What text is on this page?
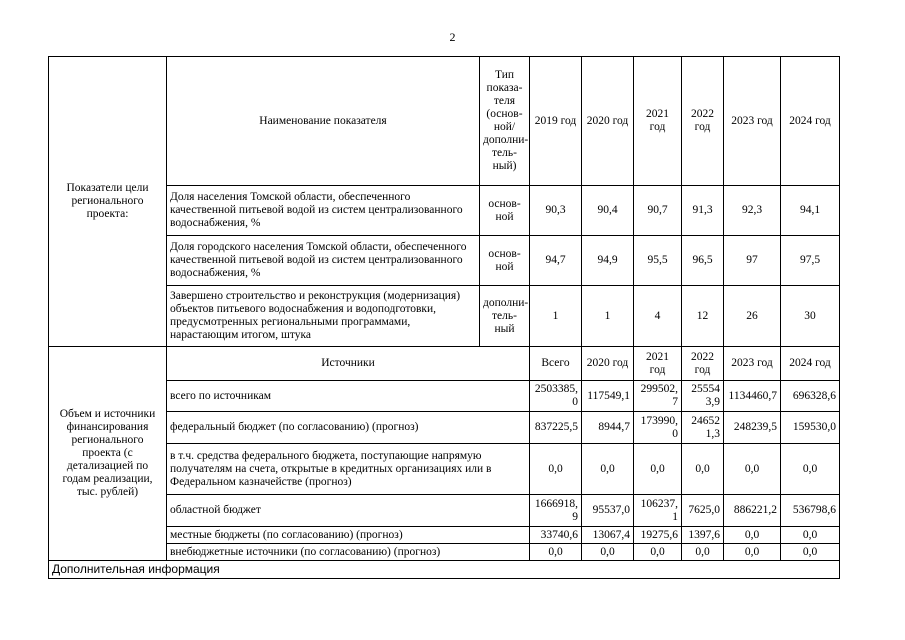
2
Показатели цели регионального проекта:	Наименование показателя	Тип показа-теля (основ-ной/ дополни-тель-ный)	2019 год	2020 год	2021 год	2022 год	2023 год	2024 год
	Доля населения Томской области, обеспеченного качественной питьевой водой из систем централизованного водоснабжения, %	основ-ной	90,3	90,4	90,7	91,3	92,3	94,1
	Доля городского населения Томской области, обеспеченного качественной питьевой водой из систем централизованного водоснабжения, %	основ-ной	94,7	94,9	95,5	96,5	97	97,5
	Завершено строительство и реконструкция (модернизация) объектов питьевого водоснабжения и водоподготовки, предусмотренных региональными программами, нарастающим итогом, штука	дополни-тель-ный	1	1	4	12	26	30
Объем и источники финансирования регионального проекта (с детализацией по годам реализации, тыс. рублей)	Источники		Всего	2020 год	2021 год	2022 год	2023 год	2024 год
	всего по источникам		2503385,0	117549,1	299502,7	255543,9	1134460,7	696328,6
	федеральный бюджет (по согласованию) (прогноз)		837225,5	8944,7	173990,0	246521,3	248239,5	159530,0
	в т.ч. средства федерального бюджета, поступающие напрямую получателям на счета, открытые в кредитных организациях или в Федеральном казначействе (прогноз)		0,0	0,0	0,0	0,0	0,0	0,0
	областной бюджет		1666918,9	95537,0	106237,1	7625,0	886221,2	536798,6
	местные бюджеты (по согласованию) (прогноз)		33740,6	13067,4	19275,6	1397,6	0,0	0,0
	внебюджетные источники (по согласованию) (прогноз)		0,0	0,0	0,0	0,0	0,0	0,0
Дополнительная информация								
